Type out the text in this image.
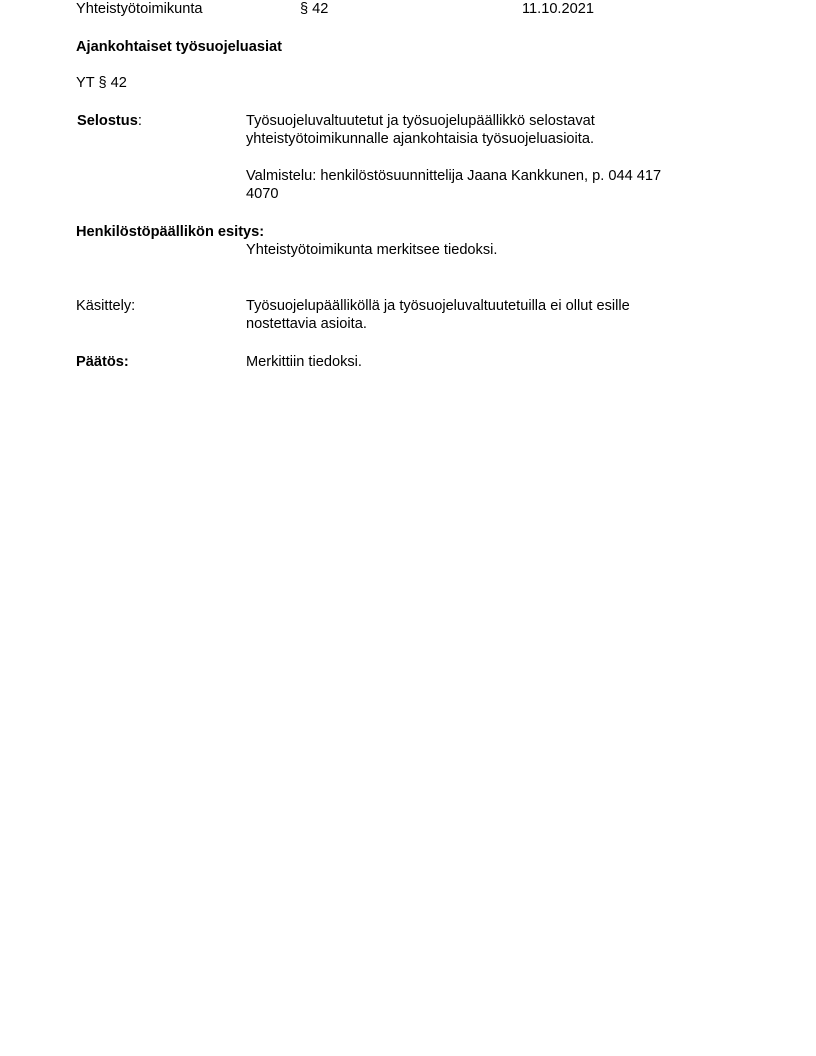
Yhteistyötoimikunta	§ 42	11.10.2021
Ajankohtaiset työsuojeluasiat
YT § 42
Selostus:	Työsuojeluvaltuutetut ja työsuojelupäällikkö selostavat yhteistyötoimikunnalle ajankohtaisia työsuojeluasioita.
Valmistelu: henkilöstösuunnittelija Jaana Kankkunen, p. 044 417
4070
Henkilöstöpäällikön esitys:
Yhteistyötoimikunta merkitsee tiedoksi.
Käsittely:	Työsuojelupäälliköllä ja työsuojeluvaltuutetuilla ei ollut esille
nostettavia asioita.
Päätös:	Merkittiin tiedoksi.
